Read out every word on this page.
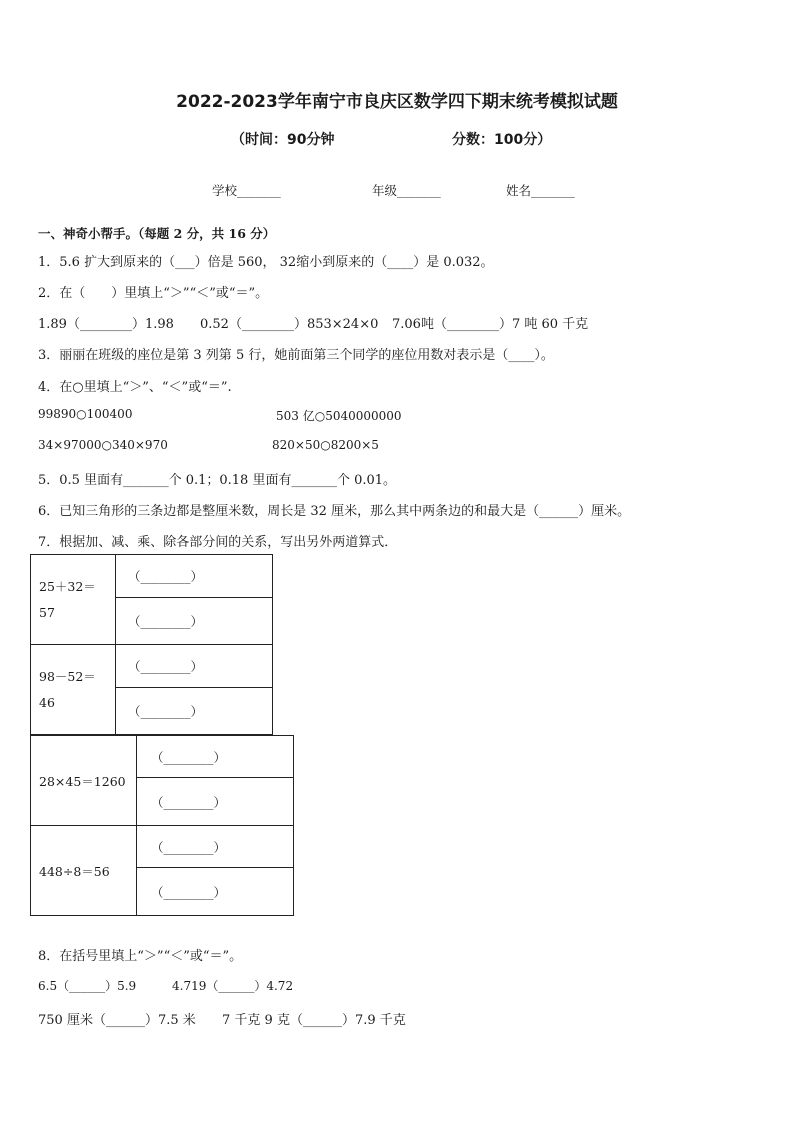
2022-2023学年南宁市良庆区数学四下期末统考模拟试题
（时间：90分钟	分数：100分）
学校_______	年级_______	姓名_______
一、神奇小帮手。（每题 2 分，共 16 分）
1．5.6 扩大到原来的（___）倍是 560， 32缩小到原来的（____）是 0.032。
2．在（　　）里填上“＞”“＜”或“＝”。
1.89（________）1.98 0.52（________）853×24×0 7.06吨（________）7 吨 60 千克
3．丽丽在班级的座位是第 3 列第 5 行，她前面第三个同学的座位用数对表示是（____）。
4．在○里填上“＞”、“＜”或“＝”.
99890○100400	503 亿○5040000000
34×97000○340×970	820×50○8200×5
5．0.5 里面有_______个 0.1；0.18 里面有_______个 0.01。
6．已知三角形的三条边都是整厘米数，周长是 32 厘米，那么其中两条边的和最大是（______）厘米。
7．根据加、减、乘、除各部分间的关系，写出另外两道算式．
25＋32＝
57	（________）
	（________）

98－52＝
46	（________）
	（________）
28×45＝1260	（________）
	（________）
448÷8＝56	（________）
	（________）
8．在括号里填上“＞”“＜”或“＝”。
6.5（______）5.9	4.719（______）4.72
750 厘米（______）7.5 米 7 千克 9 克（______）7.9 千克
